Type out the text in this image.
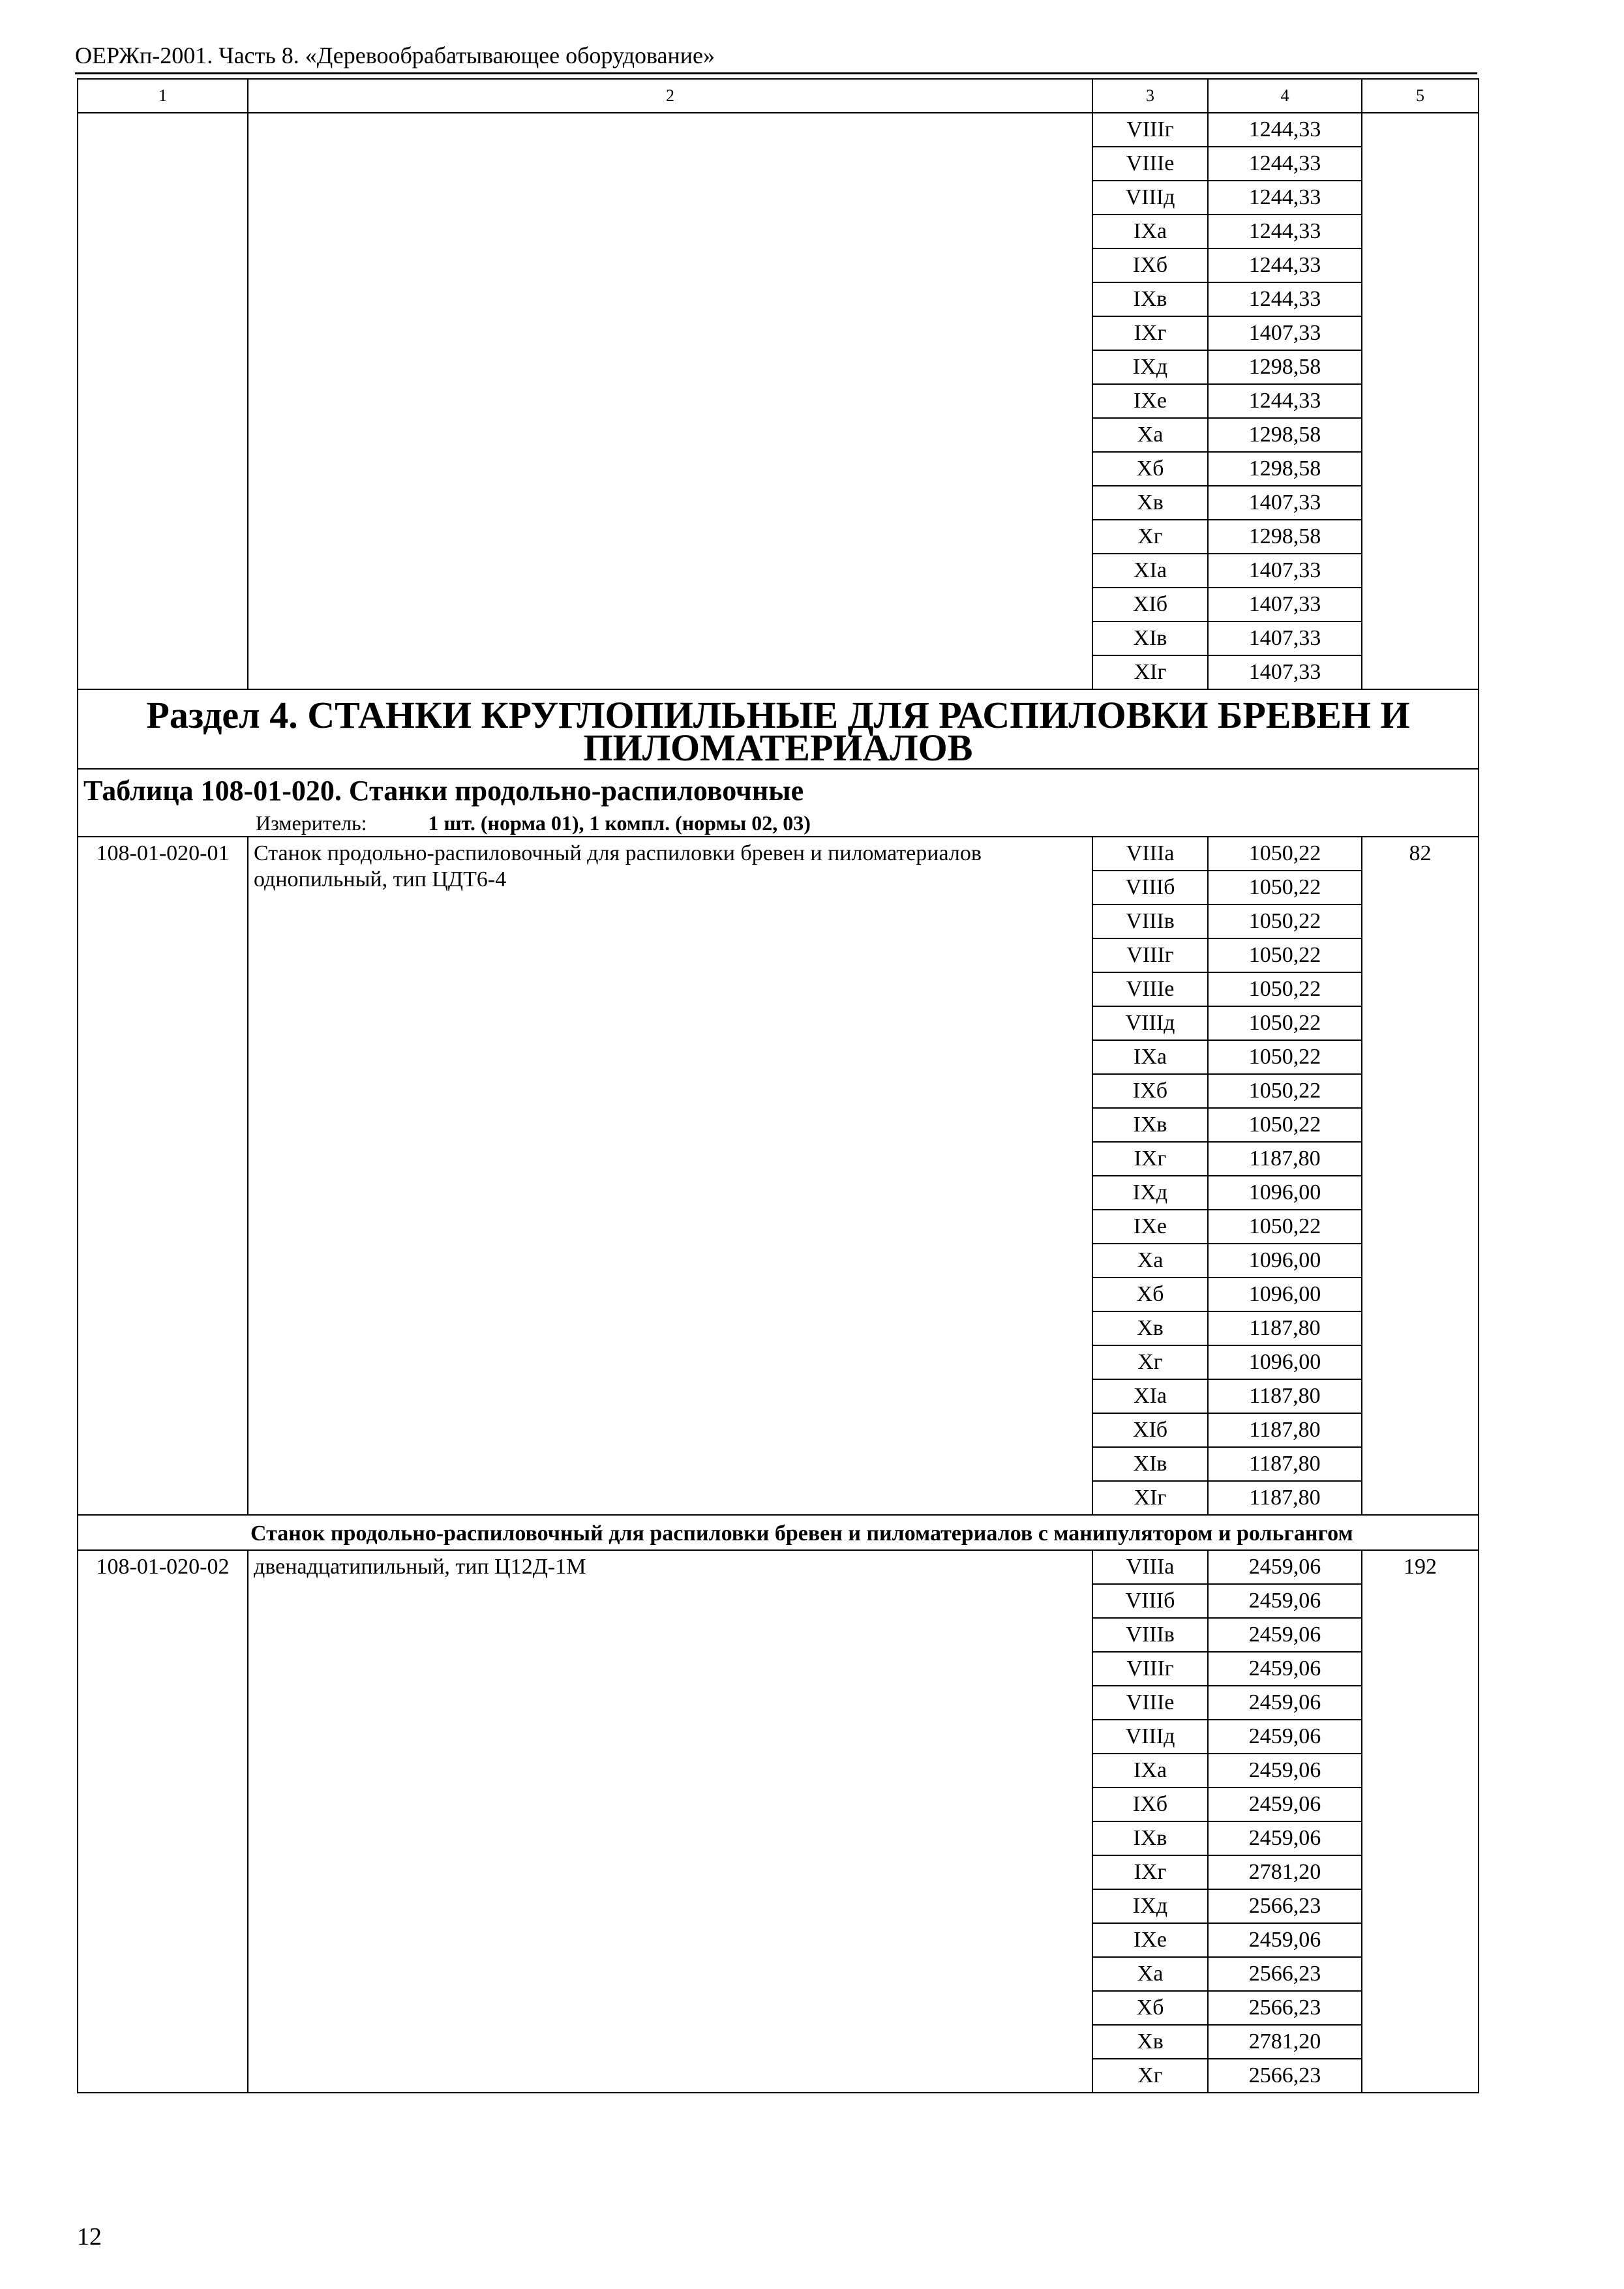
ОЕРЖп-2001. Часть 8. «Деревообрабатывающее оборудование»
1	2	3	4	5
		VIIIг	1244,33	
		VIIIе	1244,33	
		VIIIд	1244,33	
		IXа	1244,33	
		IXб	1244,33	
		IXв	1244,33	
		IXг	1407,33	
		IXд	1298,58	
		IXе	1244,33	
		Xа	1298,58	
		Xб	1298,58	
		Xв	1407,33	
		Xг	1298,58	
		XIа	1407,33	
		XIб	1407,33	
		XIв	1407,33	
		XIг	1407,33	
Раздел 4. СТАНКИ КРУГЛОПИЛЬНЫЕ ДЛЯ РАСПИЛОВКИ БРЕВЕН И ПИЛОМАТЕРИАЛОВ				

Таблица 108-01-020. Станки продольно-распиловочные
Измеритель: 1 шт. (норма 01), 1 компл. (нормы 02, 03)				

108-01-020-01	Станок продольно-распиловочный для распиловки бревен и пиломатериалов однопильный, тип ЦДТ6-4	VIIIа	1050,22	82
		VIIIб	1050,22	
		VIIIв	1050,22	
		VIIIг	1050,22	
		VIIIе	1050,22	
		VIIIд	1050,22	
		IXа	1050,22	
		IXб	1050,22	
		IXв	1050,22	
		IXг	1187,80	
		IXд	1096,00	
		IXе	1050,22	
		Xа	1096,00	
		Xб	1096,00	
		Xв	1187,80	
		Xг	1096,00	
		XIа	1187,80	
		XIб	1187,80	
		XIв	1187,80	
		XIг	1187,80	
Станок продольно-распиловочный для распиловки бревен и пиломатериалов с манипулятором и рольгангом				
108-01-020-02	двенадцатипильный, тип Ц12Д-1М	VIIIа	2459,06	192
		VIIIб	2459,06	
		VIIIв	2459,06	
		VIIIг	2459,06	
		VIIIе	2459,06	
		VIIIд	2459,06	
		IXа	2459,06	
		IXб	2459,06	
		IXв	2459,06	
		IXг	2781,20	
		IXд	2566,23	
		IXе	2459,06	
		Xа	2566,23	
		Xб	2566,23	
		Xв	2781,20	
		Xг	2566,23	
12
